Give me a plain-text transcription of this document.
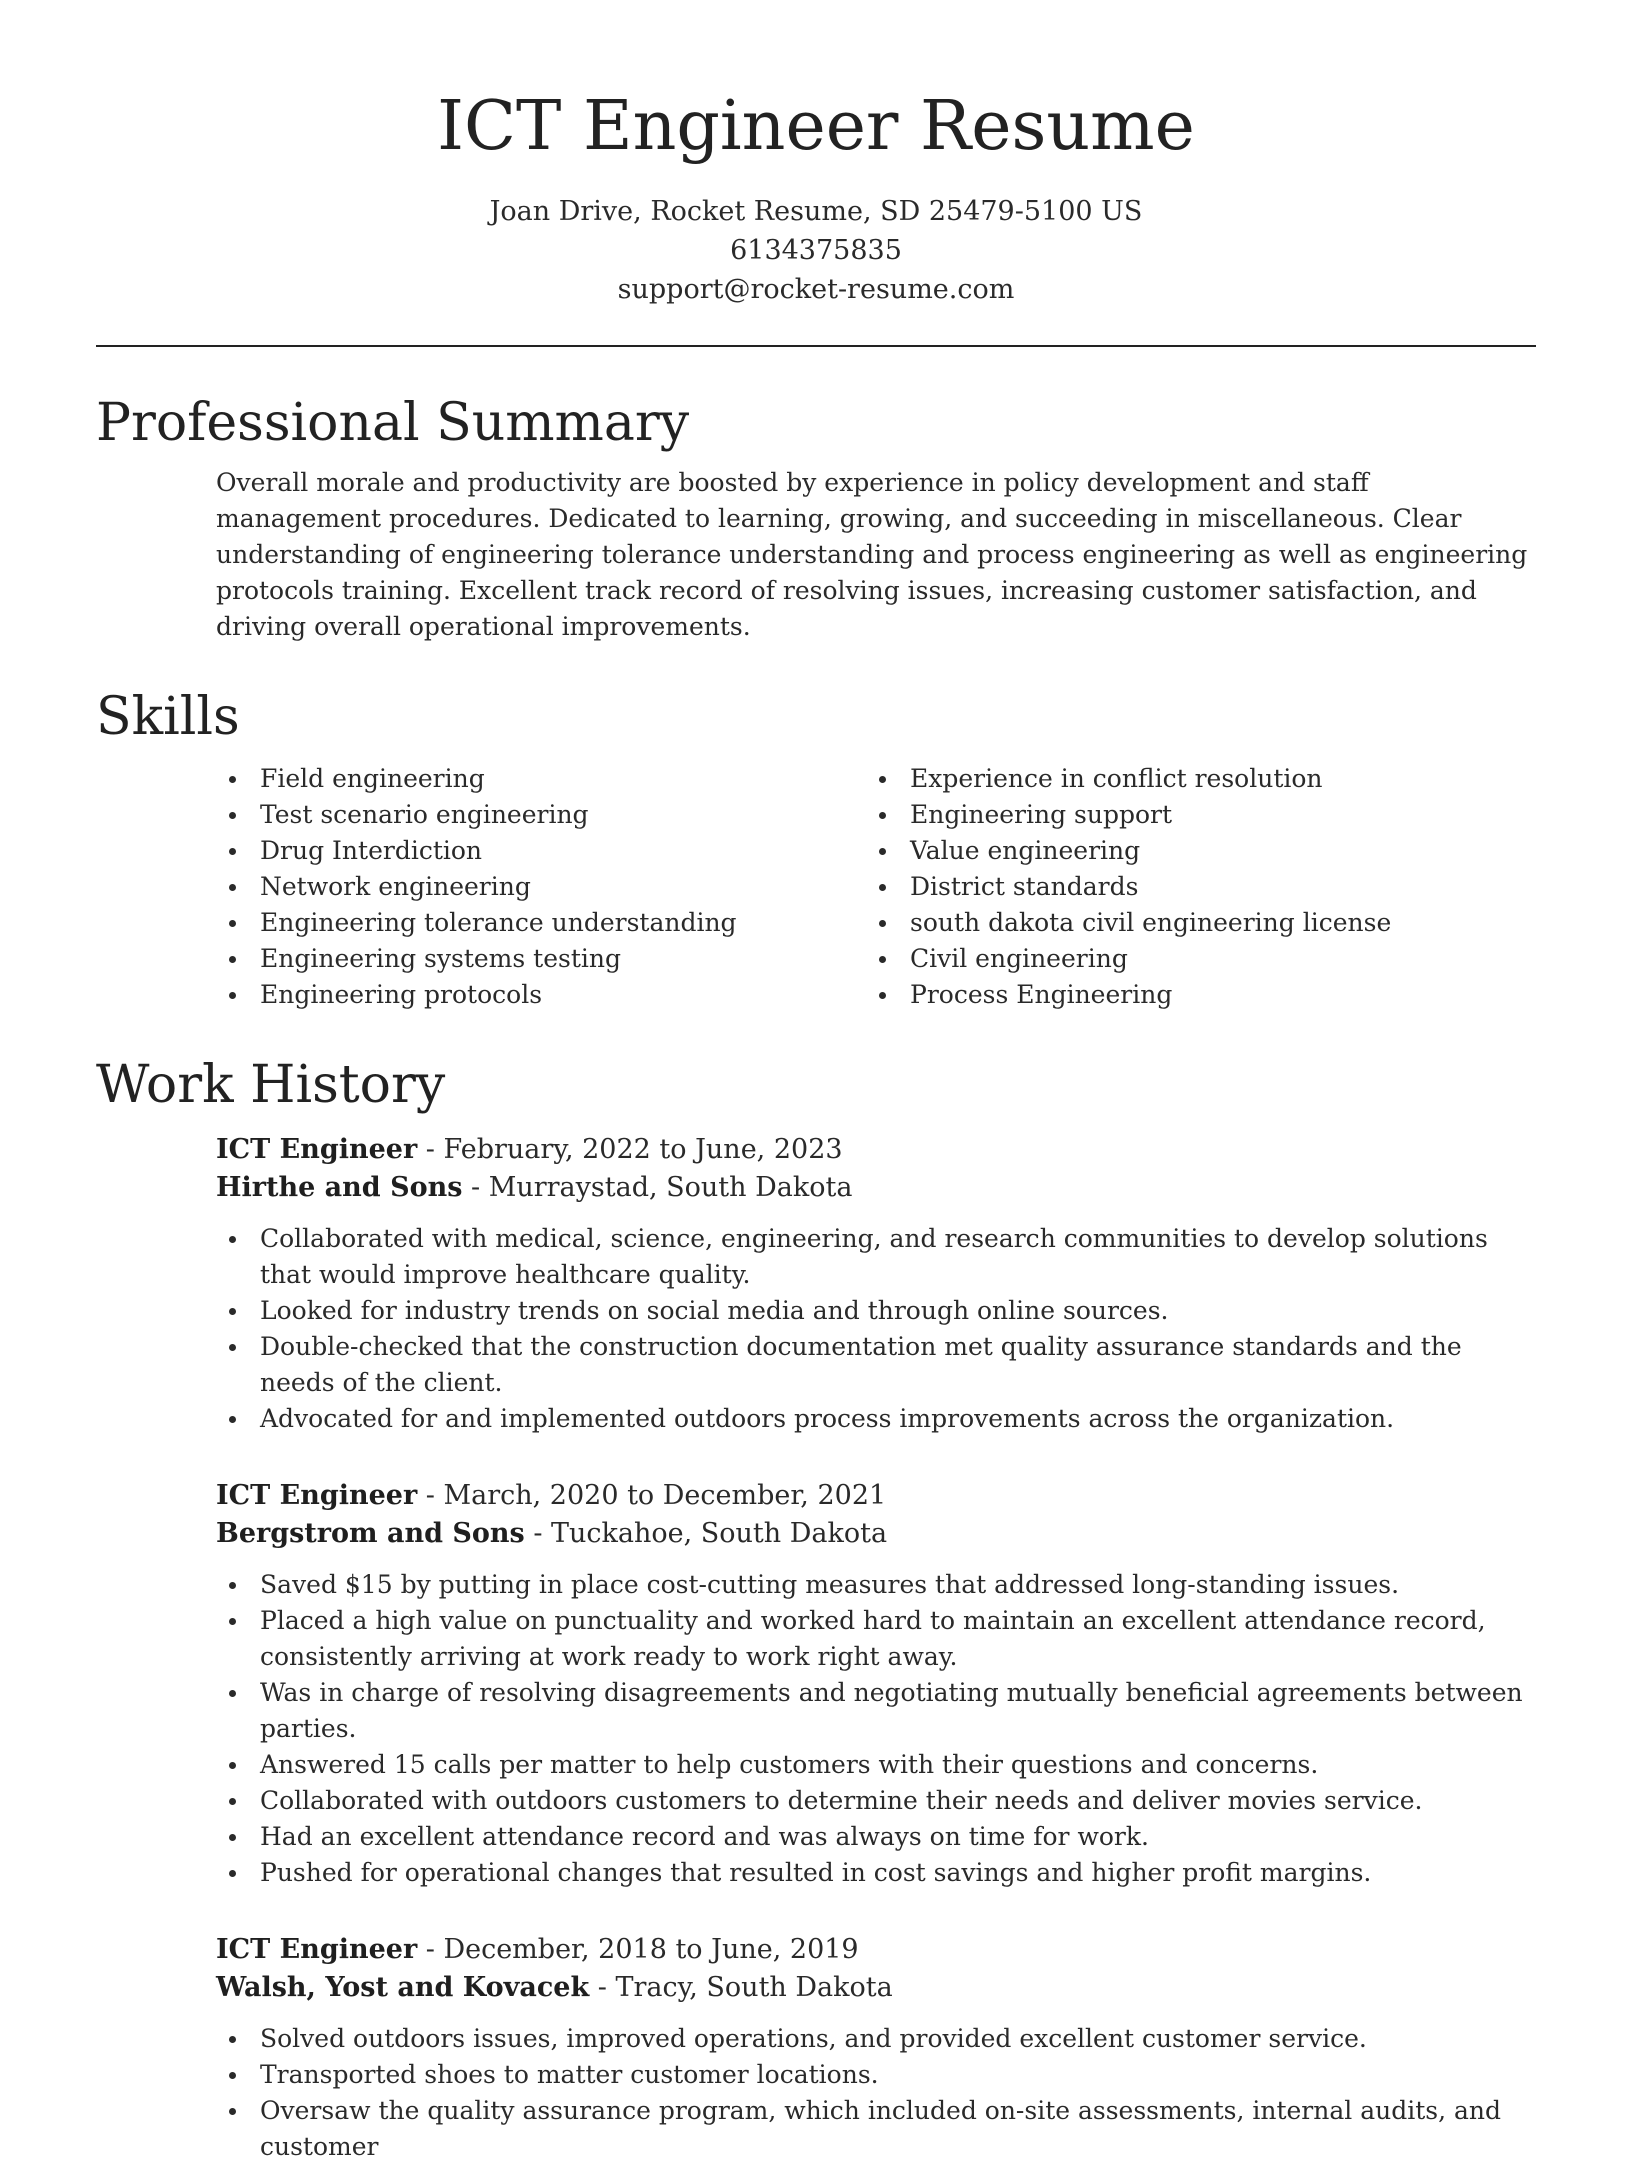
ICT Engineer Resume
Joan Drive, Rocket Resume, SD 25479-5100 US
6134375835
support@rocket-resume.com
Professional Summary
Overall morale and productivity are boosted by experience in policy development and staff management procedures. Dedicated to learning, growing, and succeeding in miscellaneous. Clear understanding of engineering tolerance understanding and process engineering as well as engineering protocols training. Excellent track record of resolving issues, increasing customer satisfaction, and driving overall operational improvements.
Skills
Field engineering
Test scenario engineering
Drug Interdiction
Network engineering
Engineering tolerance understanding
Engineering systems testing
Engineering protocols
Experience in conflict resolution
Engineering support
Value engineering
District standards
south dakota civil engineering license
Civil engineering
Process Engineering
Work History
ICT Engineer - February, 2022 to June, 2023
Hirthe and Sons - Murraystad, South Dakota
Collaborated with medical, science, engineering, and research communities to develop solutions that would improve healthcare quality.
Looked for industry trends on social media and through online sources.
Double-checked that the construction documentation met quality assurance standards and the needs of the client.
Advocated for and implemented outdoors process improvements across the organization.
ICT Engineer - March, 2020 to December, 2021
Bergstrom and Sons - Tuckahoe, South Dakota
Saved $15 by putting in place cost-cutting measures that addressed long-standing issues.
Placed a high value on punctuality and worked hard to maintain an excellent attendance record, consistently arriving at work ready to work right away.
Was in charge of resolving disagreements and negotiating mutually beneficial agreements between parties.
Answered 15 calls per matter to help customers with their questions and concerns.
Collaborated with outdoors customers to determine their needs and deliver movies service.
Had an excellent attendance record and was always on time for work.
Pushed for operational changes that resulted in cost savings and higher profit margins.
ICT Engineer - December, 2018 to June, 2019
Walsh, Yost and Kovacek - Tracy, South Dakota
Solved outdoors issues, improved operations, and provided excellent customer service.
Transported shoes to matter customer locations.
Oversaw the quality assurance program, which included on-site assessments, internal audits, and customer
